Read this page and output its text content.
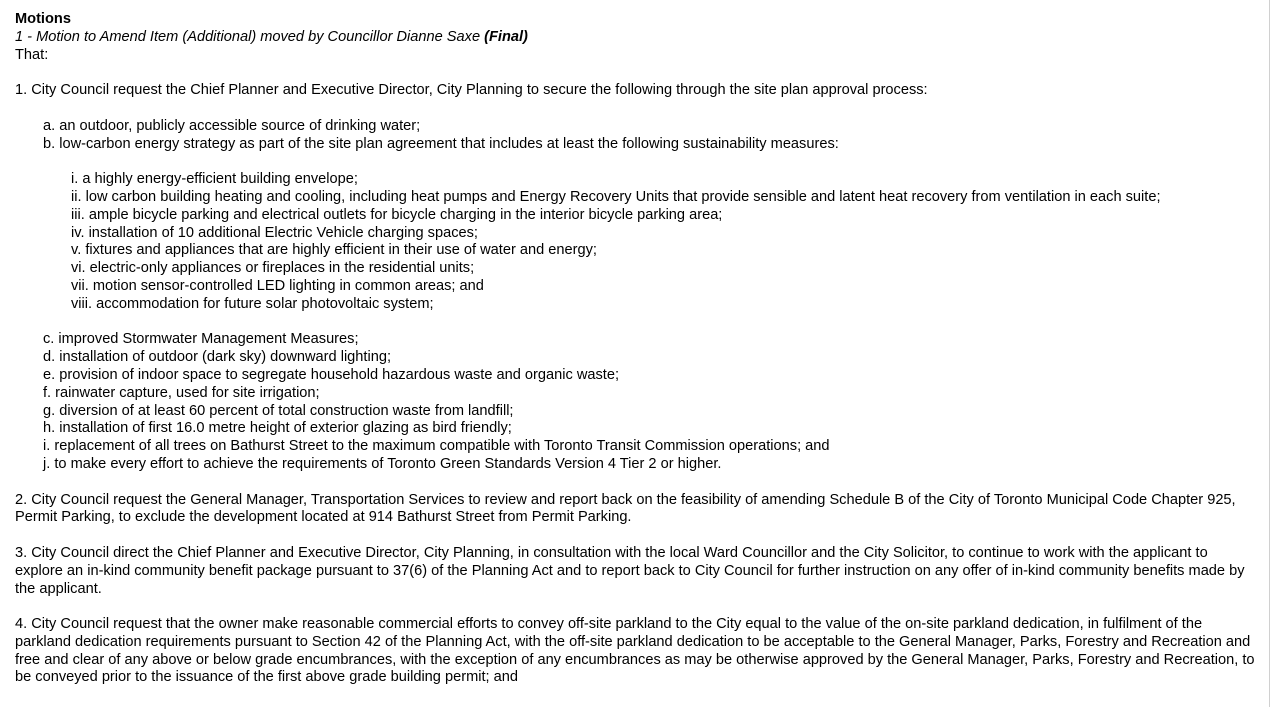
Motions

1 - Motion to Amend Item (Additional) moved by Councillor Dianne Saxe (Final)

That:

1. City Council request the Chief Planner and Executive Director, City Planning to secure the following through the site plan approval process:

a. an outdoor, publicly accessible source of drinking water;

b. low-carbon energy strategy as part of the site plan agreement that includes at least the following sustainability measures:

i. a highly energy-efficient building envelope;

ii. low carbon building heating and cooling, including heat pumps and Energy Recovery Units that provide sensible and latent heat recovery from ventilation in each suite;

iii. ample bicycle parking and electrical outlets for bicycle charging in the interior bicycle parking area;

iv. installation of 10 additional Electric Vehicle charging spaces;

v. fixtures and appliances that are highly efficient in their use of water and energy;

vi. electric-only appliances or fireplaces in the residential units;

vii. motion sensor-controlled LED lighting in common areas; and

viii. accommodation for future solar photovoltaic system;

c. improved Stormwater Management Measures;

d. installation of outdoor (dark sky) downward lighting;

e. provision of indoor space to segregate household hazardous waste and organic waste;

f. rainwater capture, used for site irrigation;

g. diversion of at least 60 percent of total construction waste from landfill;

h. installation of first 16.0 metre height of exterior glazing as bird friendly;

i. replacement of all trees on Bathurst Street to the maximum compatible with Toronto Transit Commission operations; and

j. to make every effort to achieve the requirements of Toronto Green Standards Version 4 Tier 2 or higher.

2. City Council request the General Manager, Transportation Services to review and report back on the feasibility of amending Schedule B of the City of Toronto Municipal Code Chapter 925, Permit Parking, to exclude the development located at 914 Bathurst Street from Permit Parking.

3. City Council direct the Chief Planner and Executive Director, City Planning, in consultation with the local Ward Councillor and the City Solicitor, to continue to work with the applicant to explore an in-kind community benefit package pursuant to 37(6) of the Planning Act and to report back to City Council for further instruction on any offer of in-kind community benefits made by the applicant.

4. City Council request that the owner make reasonable commercial efforts to convey off-site parkland to the City equal to the value of the on-site parkland dedication, in fulfilment of the parkland dedication requirements pursuant to Section 42 of the Planning Act, with the off-site parkland dedication to be acceptable to the General Manager, Parks, Forestry and Recreation and free and clear of any above or below grade encumbrances, with the exception of any encumbrances as may be otherwise approved by the General Manager, Parks, Forestry and Recreation, to be conveyed prior to the issuance of the first above grade building permit; and
